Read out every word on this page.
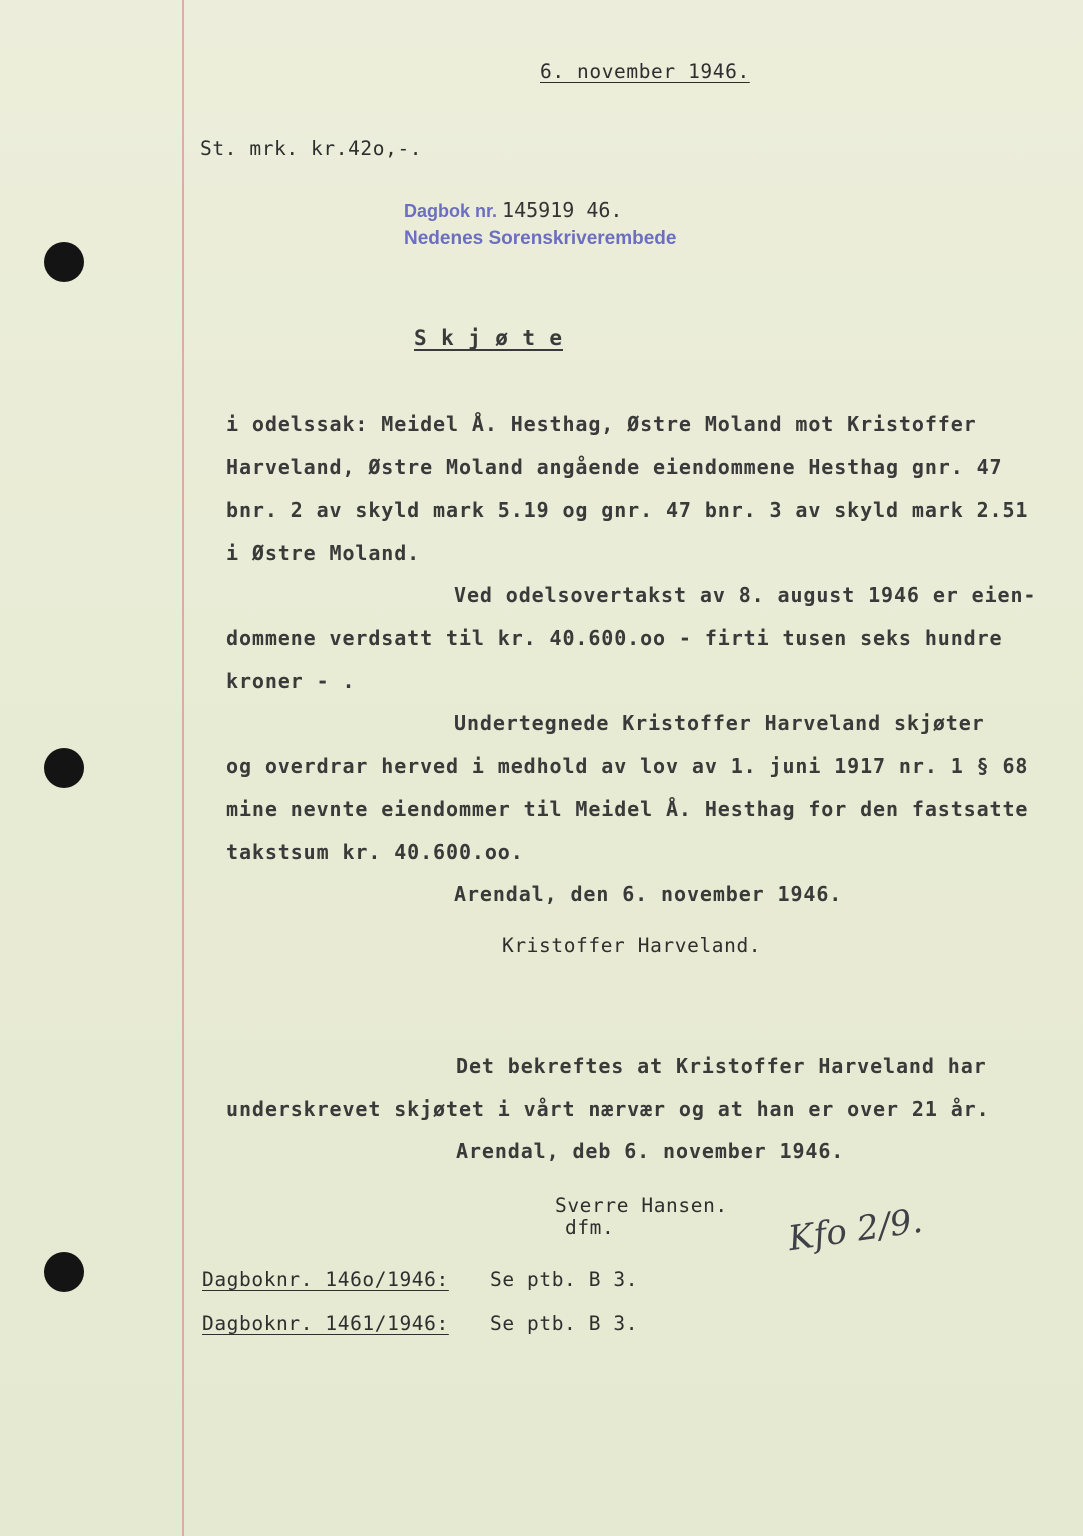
6. november 1946.
St. mrk. kr.42o,-.
Dagbok nr. 145919 46.
Nedenes Sorenskriverembede
S k j ø t e
i odelssak: Meidel Å. Hesthag, Østre Moland mot Kristoffer
Harveland, Østre Moland angående eiendommene Hesthag gnr. 47
bnr. 2 av skyld mark 5.19 og gnr. 47 bnr. 3 av skyld mark 2.51
i Østre Moland.
Ved odelsovertakst av 8. august 1946 er eien-
dommene verdsatt til kr. 40.600.oo - firti tusen seks hundre
kroner - .
Undertegnede Kristoffer Harveland skjøter
og overdrar herved i medhold av lov av 1. juni 1917 nr. 1 § 68
mine nevnte eiendommer til Meidel Å. Hesthag for den fastsatte
takstsum kr. 40.600.oo.
Arendal, den 6. november 1946.
Kristoffer Harveland.
Det bekreftes at Kristoffer Harveland har
underskrevet skjøtet i vårt nærvær og at han er over 21 år.
Arendal, deb 6. november 1946.
Sverre Hansen.
dfm.	Kfo 2/9.
Dagboknr. 146o/1946: Se ptb. B 3.
Dagboknr. 1461/1946: Se ptb. B 3.
